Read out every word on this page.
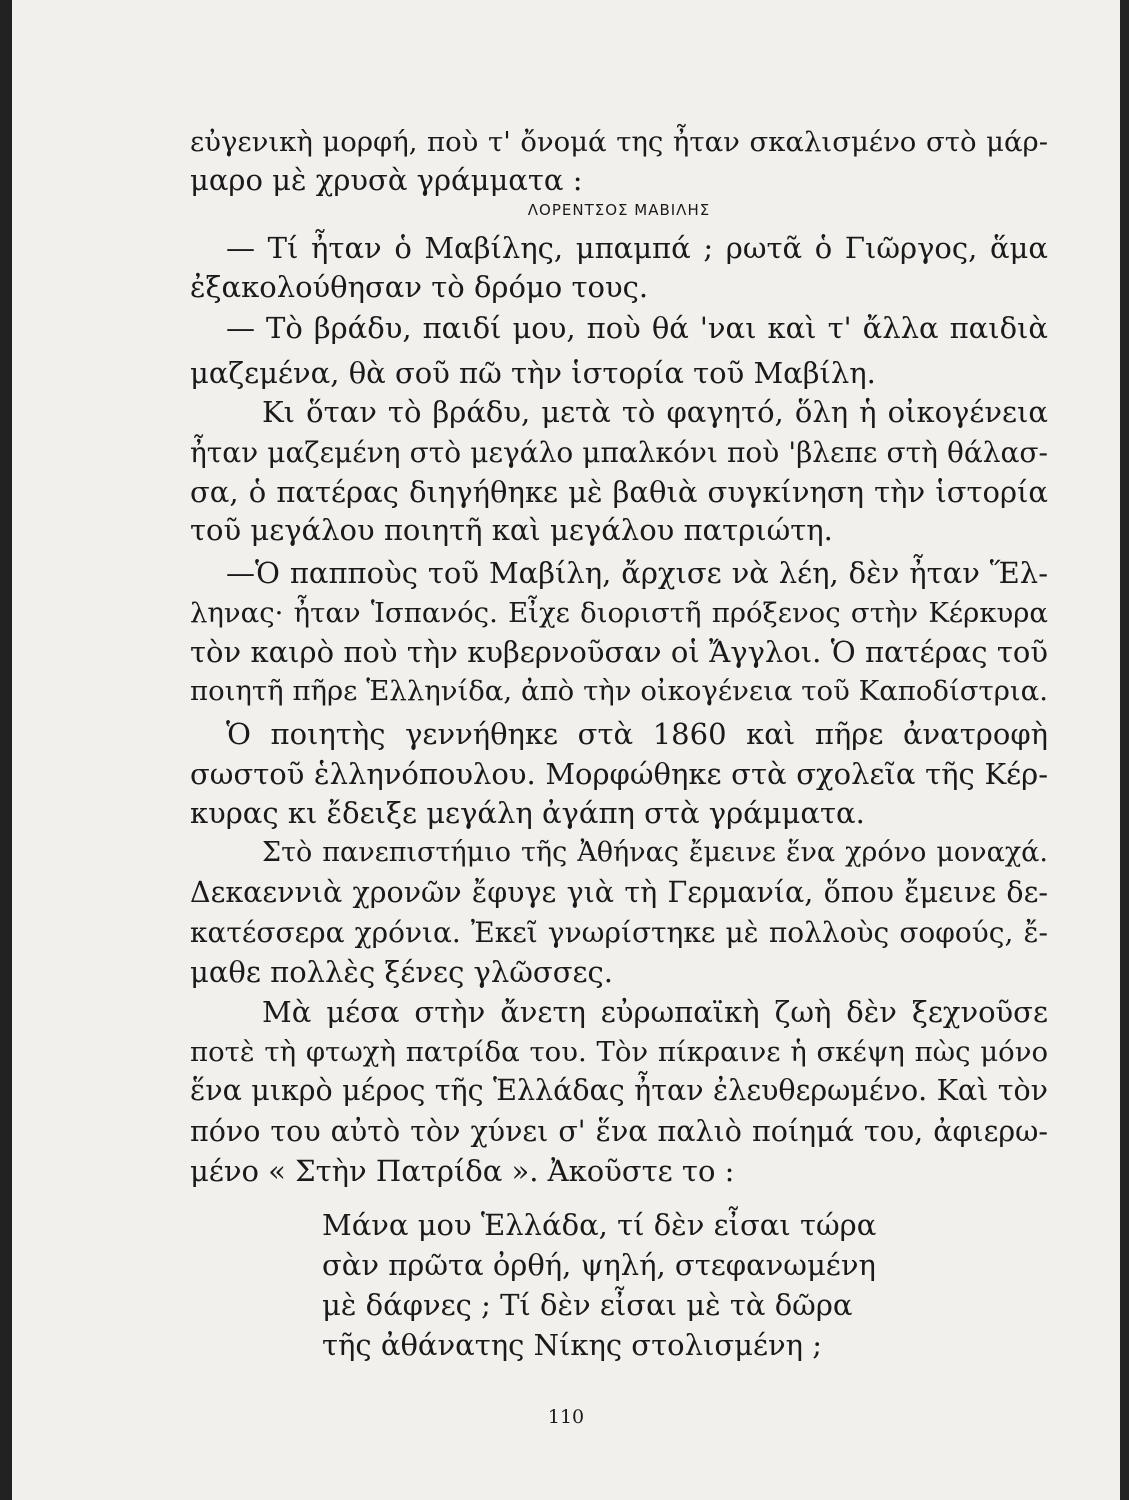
εὐγενικὴ μορφή, ποὺ τ' ὄνομά της ἦταν σκαλισμένο στὸ μάρ-
μαρο μὲ χρυσὰ γράμματα :
ΛΟΡΕΝΤΣΟΣ ΜΑΒΙΛΗΣ
— Τί ἦταν ὁ Μαβίλης, μπαμπά ; ρωτᾶ ὁ Γιῶργος, ἅμα
ἐξακολούθησαν τὸ δρόμο τους.
— Τὸ βράδυ, παιδί μου, ποὺ θά 'ναι καὶ τ' ἄλλα παιδιὰ
μαζεμένα, θὰ σοῦ πῶ τὴν ἱστορία τοῦ Μαβίλη.
Κι ὅταν τὸ βράδυ, μετὰ τὸ φαγητό, ὅλη ἡ οἰκογένεια
ἦταν μαζεμένη στὸ μεγάλο μπαλκόνι ποὺ 'βλεπε στὴ θάλασ-
σα, ὁ πατέρας διηγήθηκε μὲ βαθιὰ συγκίνηση τὴν ἱστορία
τοῦ μεγάλου ποιητῆ καὶ μεγάλου πατριώτη.
—Ὁ παπποὺς τοῦ Μαβίλη, ἄρχισε νὰ λέη, δὲν ἦταν Ἕλ-
ληνας· ἦταν Ἱσπανός. Εἶχε διοριστῆ πρόξενος στὴν Κέρκυρα
τὸν καιρὸ ποὺ τὴν κυβερνοῦσαν οἱ Ἄγγλοι. Ὁ πατέρας τοῦ
ποιητῆ πῆρε Ἑλληνίδα, ἀπὸ τὴν οἰκογένεια τοῦ Καποδίστρια.
Ὁ ποιητὴς γεννήθηκε στὰ 1860 καὶ πῆρε ἀνατροφὴ
σωστοῦ ἑλληνόπουλου. Μορφώθηκε στὰ σχολεῖα τῆς Κέρ-
κυρας κι ἔδειξε μεγάλη ἀγάπη στὰ γράμματα.
Στὸ πανεπιστήμιο τῆς Ἀθήνας ἔμεινε ἕνα χρόνο μοναχά.
Δεκαεννιὰ χρονῶν ἔφυγε γιὰ τὴ Γερμανία, ὅπου ἔμεινε δε-
κατέσσερα χρόνια. Ἐκεῖ γνωρίστηκε μὲ πολλοὺς σοφούς, ἔ-
μαθε πολλὲς ξένες γλῶσσες.
Μὰ μέσα στὴν ἄνετη εὐρωπαϊκὴ ζωὴ δὲν ξεχνοῦσε
ποτὲ τὴ φτωχὴ πατρίδα του. Τὸν πίκραινε ἡ σκέψη πὼς μόνο
ἕνα μικρὸ μέρος τῆς Ἑλλάδας ἦταν ἐλευθερωμένο. Καὶ τὸν
πόνο του αὐτὸ τὸν χύνει σ' ἕνα παλιὸ ποίημά του, ἀφιερω-
μένο « Στὴν Πατρίδα ». Ἀκοῦστε το :
Μάνα μου Ἑλλάδα, τί δὲν εἶσαι τώρα
σὰν πρῶτα ὀρθή, ψηλή, στεφανωμένη
μὲ δάφνες ; Τί δὲν εἶσαι μὲ τὰ δῶρα
τῆς ἀθάνατης Νίκης στολισμένη ;
110
